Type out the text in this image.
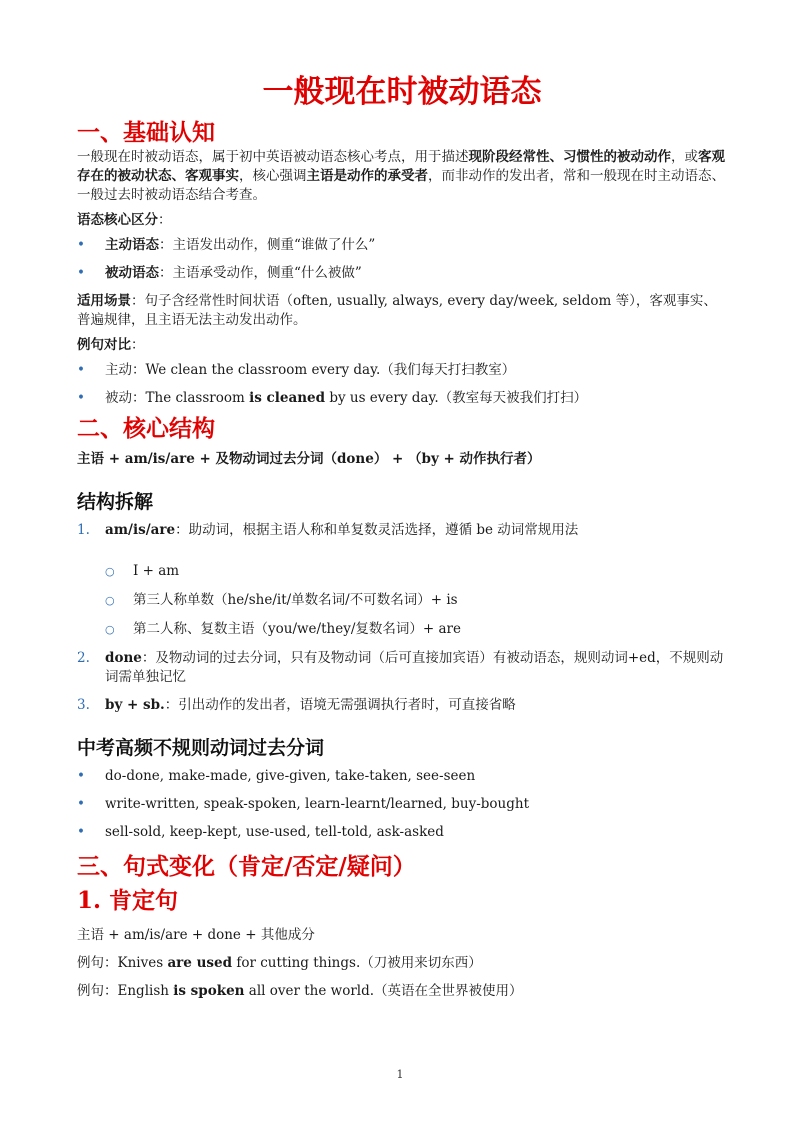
一般现在时被动语态
一、基础认知

一般现在时被动语态，属于初中英语被动语态核心考点，用于描述现阶段经常性、习惯性的被动动作，或客观存在的被动状态、客观事实，核心强调主语是动作的承受者，而非动作的发出者，常和一般现在时主动语态、一般过去时被动语态结合考查。

语态核心区分：

• 主动语态：主语发出动作，侧重“谁做了什么”
• 被动语态：主语承受动作，侧重“什么被做”

适用场景：句子含经常性时间状语（often, usually, always, every day/week, seldom 等），客观事实、普遍规律，且主语无法主动发出动作。

例句对比：

• 主动：We clean the classroom every day.（我们每天打扫教室）
• 被动：The classroom is cleaned by us every day.（教室每天被我们打扫）
二、核心结构

主语 + am/is/are + 及物动词过去分词（done） + （by + 动作执行者）

结构拆解
1. am/is/are：助动词，根据主语人称和单复数灵活选择，遵循 be 动词常规用法
○ I + am
○ 第三人称单数（he/she/it/单数名词/不可数名词）+ is
○ 第二人称、复数主语（you/we/they/复数名词）+ are
2. done：及物动词的过去分词，只有及物动词（后可直接加宾语）有被动语态，规则动词+ed，不规则动词需单独记忆
3. by + sb.：引出动作的发出者，语境无需强调执行者时，可直接省略
中考高频不规则动词过去分词
• do-done, make-made, give-given, take-taken, see-seen
• write-written, speak-spoken, learn-learnt/learned, buy-bought
• sell-sold, keep-kept, use-used, tell-told, ask-asked
三、句式变化（肯定/否定/疑问）
1. 肯定句

主语 + am/is/are + done + 其他成分

例句：Knives are used for cutting things.（刀被用来切东西）

例句：English is spoken all over the world.（英语在全世界被使用）

1
